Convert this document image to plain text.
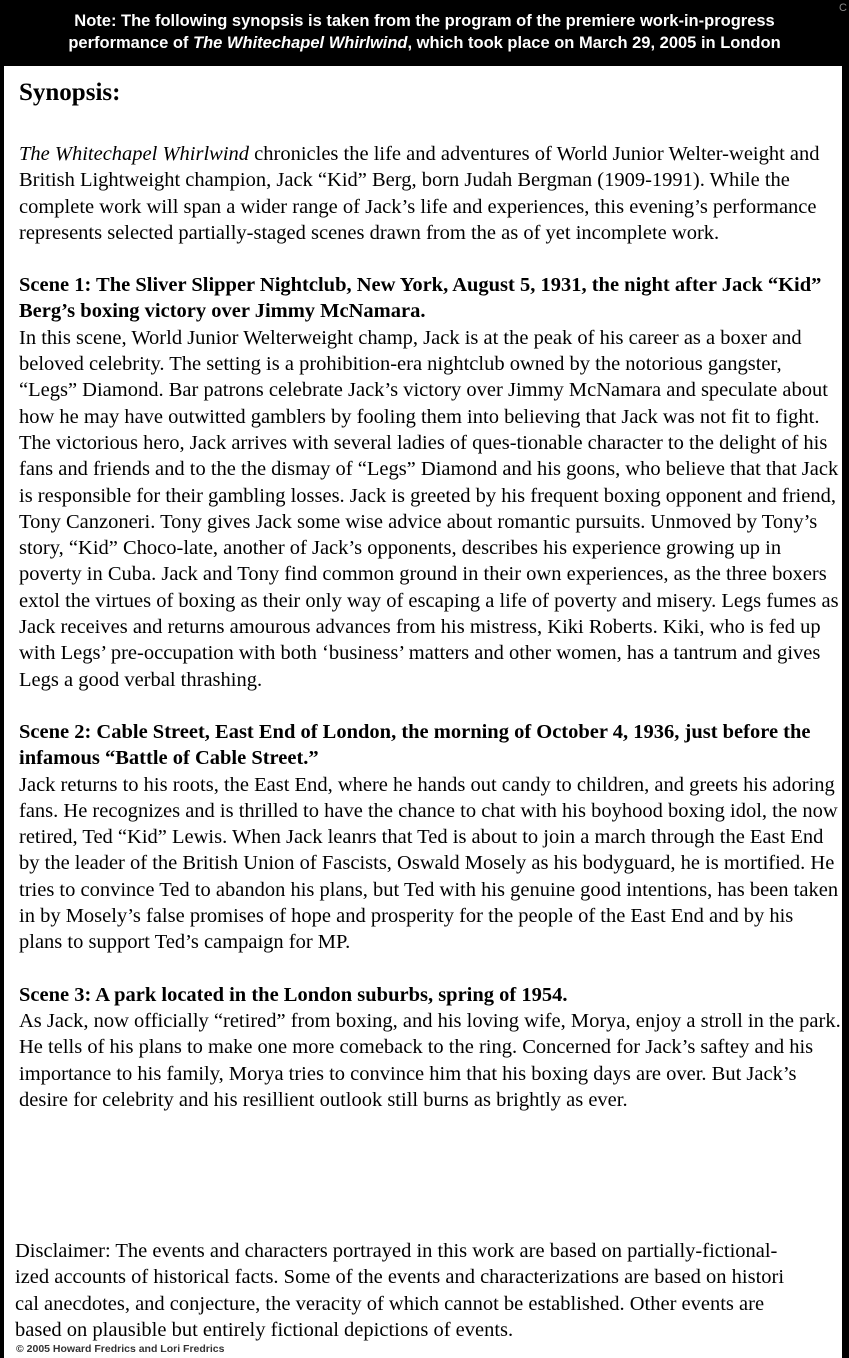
Note: The following synopsis is taken from the program of the premiere work-in-progress
performance of The Whitechapel Whirlwind, which took place on March 29, 2005 in London
C
Synopsis:

The Whitechapel Whirlwind chronicles the life and adventures of World Junior Welter-weight and British Lightweight champion, Jack “Kid” Berg, born Judah Bergman (1909-1991). While the complete work will span a wider range of Jack’s life and experiences, this evening’s performance represents selected partially-staged scenes drawn from the as of yet incomplete work.

Scene 1: The Sliver Slipper Nightclub, New York, August 5, 1931, the night after Jack “Kid” Berg’s boxing victory over Jimmy McNamara.

In this scene, World Junior Welterweight champ, Jack is at the peak of his career as a boxer and beloved celebrity. The setting is a prohibition-era nightclub owned by the notorious gangster, “Legs” Diamond. Bar patrons celebrate Jack’s victory over Jimmy McNamara and speculate about how he may have outwitted gamblers by fooling them into believing that Jack was not fit to fight. The victorious hero, Jack arrives with several ladies of ques-tionable character to the delight of his fans and friends and to the the dismay of “Legs” Diamond and his goons, who believe that that Jack is responsible for their gambling losses. Jack is greeted by his frequent boxing opponent and friend, Tony Canzoneri. Tony gives Jack some wise advice about romantic pursuits. Unmoved by Tony’s story, “Kid” Choco-late, another of Jack’s opponents, describes his experience growing up in poverty in Cuba. Jack and Tony find common ground in their own experiences, as the three boxers extol the virtues of boxing as their only way of escaping a life of poverty and misery. Legs fumes as Jack receives and returns amourous advances from his mistress, Kiki Roberts. Kiki, who is fed up with Legs’ pre-occupation with both ‘business’ matters and other women, has a tantrum and gives Legs a good verbal thrashing.

Scene 2: Cable Street, East End of London, the morning of October 4, 1936, just before the infamous “Battle of Cable Street.”

Jack returns to his roots, the East End, where he hands out candy to children, and greets his adoring fans. He recognizes and is thrilled to have the chance to chat with his boyhood boxing idol, the now retired, Ted “Kid” Lewis. When Jack leanrs that Ted is about to join a march through the East End by the leader of the British Union of Fascists, Oswald Mosely as his bodyguard, he is mortified. He tries to convince Ted to abandon his plans, but Ted with his genuine good intentions, has been taken in by Mosely’s false promises of hope and prosperity for the people of the East End and by his plans to support Ted’s campaign for MP.

Scene 3: A park located in the London suburbs, spring of 1954.

As Jack, now officially “retired” from boxing, and his loving wife, Morya, enjoy a stroll in the park. He tells of his plans to make one more comeback to the ring. Concerned for Jack’s saftey and his importance to his family, Morya tries to convince him that his boxing days are over. But Jack’s desire for celebrity and his resillient outlook still burns as brightly as ever.

Disclaimer: The events and characters portrayed in this work are based on partially-fictional-
ized accounts of historical facts. Some of the events and characterizations are based on histori
cal anecdotes, and conjecture, the veracity of which cannot be established. Other events are
based on plausible but entirely fictional depictions of events.
© 2005 Howard Fredrics and Lori Fredrics
